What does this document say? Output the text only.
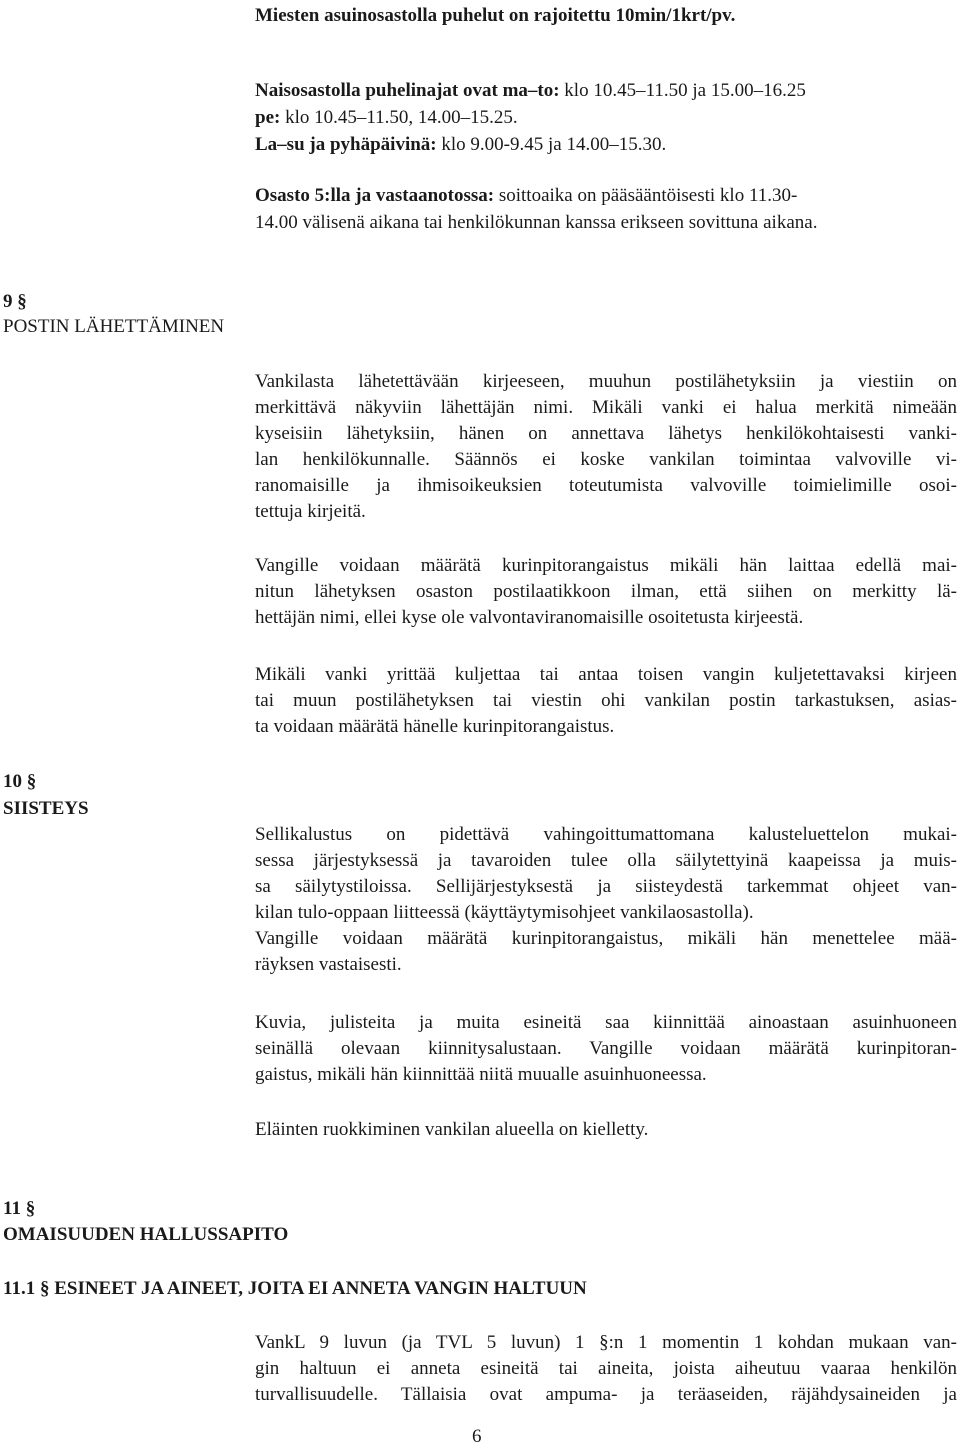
Miesten asuinosastolla puhelut on rajoitettu 10min/1krt/pv.
Naisosastolla puhelinajat ovat ma–to: klo 10.45–11.50 ja 15.00–16.25
pe: klo 10.45–11.50, 14.00–15.25.
La–su ja pyhäpäivinä: klo 9.00-9.45 ja 14.00–15.30.
Osasto 5:lla ja vastaanotossa: soittoaika on pääsääntöisesti klo 11.30-
14.00 välisenä aikana tai henkilökunnan kanssa erikseen sovittuna aikana.
9 §
POSTIN LÄHETTÄMINEN
Vankilasta lähetettävään kirjeeseen, muuhun postilähetyksiin ja viestiin on
merkittävä näkyviin lähettäjän nimi. Mikäli vanki ei halua merkitä nimeään
kyseisiin lähetyksiin, hänen on annettava lähetys henkilökohtaisesti vanki-
lan henkilökunnalle. Säännös ei koske vankilan toimintaa valvoville vi-
ranomaisille ja ihmisoikeuksien toteutumista valvoville toimielimille osoi-
tettuja kirjeitä.
Vangille voidaan määrätä kurinpitorangaistus mikäli hän laittaa edellä mai-
nitun lähetyksen osaston postilaatikkoon ilman, että siihen on merkitty lä-
hettäjän nimi, ellei kyse ole valvontaviranomaisille osoitetusta kirjeestä.
Mikäli vanki yrittää kuljettaa tai antaa toisen vangin kuljetettavaksi kirjeen
tai muun postilähetyksen tai viestin ohi vankilan postin tarkastuksen, asias-
ta voidaan määrätä hänelle kurinpitorangaistus.
10 §
SIISTEYS
Sellikalustus on pidettävä vahingoittumattomana kalusteluettelon mukai-
sessa järjestyksessä ja tavaroiden tulee olla säilytettyinä kaapeissa ja muis-
sa säilytystiloissa. Sellijärjestyksestä ja siisteydestä tarkemmat ohjeet van-
kilan tulo-oppaan liitteessä (käyttäytymisohjeet vankilaosastolla).
Vangille voidaan määrätä kurinpitorangaistus, mikäli hän menettelee mää-
räyksen vastaisesti.
Kuvia, julisteita ja muita esineitä saa kiinnittää ainoastaan asuinhuoneen
seinällä olevaan kiinnitysalustaan. Vangille voidaan määrätä kurinpitoran-
gaistus, mikäli hän kiinnittää niitä muualle asuinhuoneessa.
Eläinten ruokkiminen vankilan alueella on kielletty.
11 §
OMAISUUDEN HALLUSSAPITO
11.1 § ESINEET JA AINEET, JOITA EI ANNETA VANGIN HALTUUN
VankL 9 luvun (ja TVL 5 luvun) 1 §:n 1 momentin 1 kohdan mukaan van-
gin haltuun ei anneta esineitä tai aineita, joista aiheutuu vaaraa henkilön
turvallisuudelle. Tällaisia ovat ampuma- ja teräaseiden, räjähdysaineiden ja
6
